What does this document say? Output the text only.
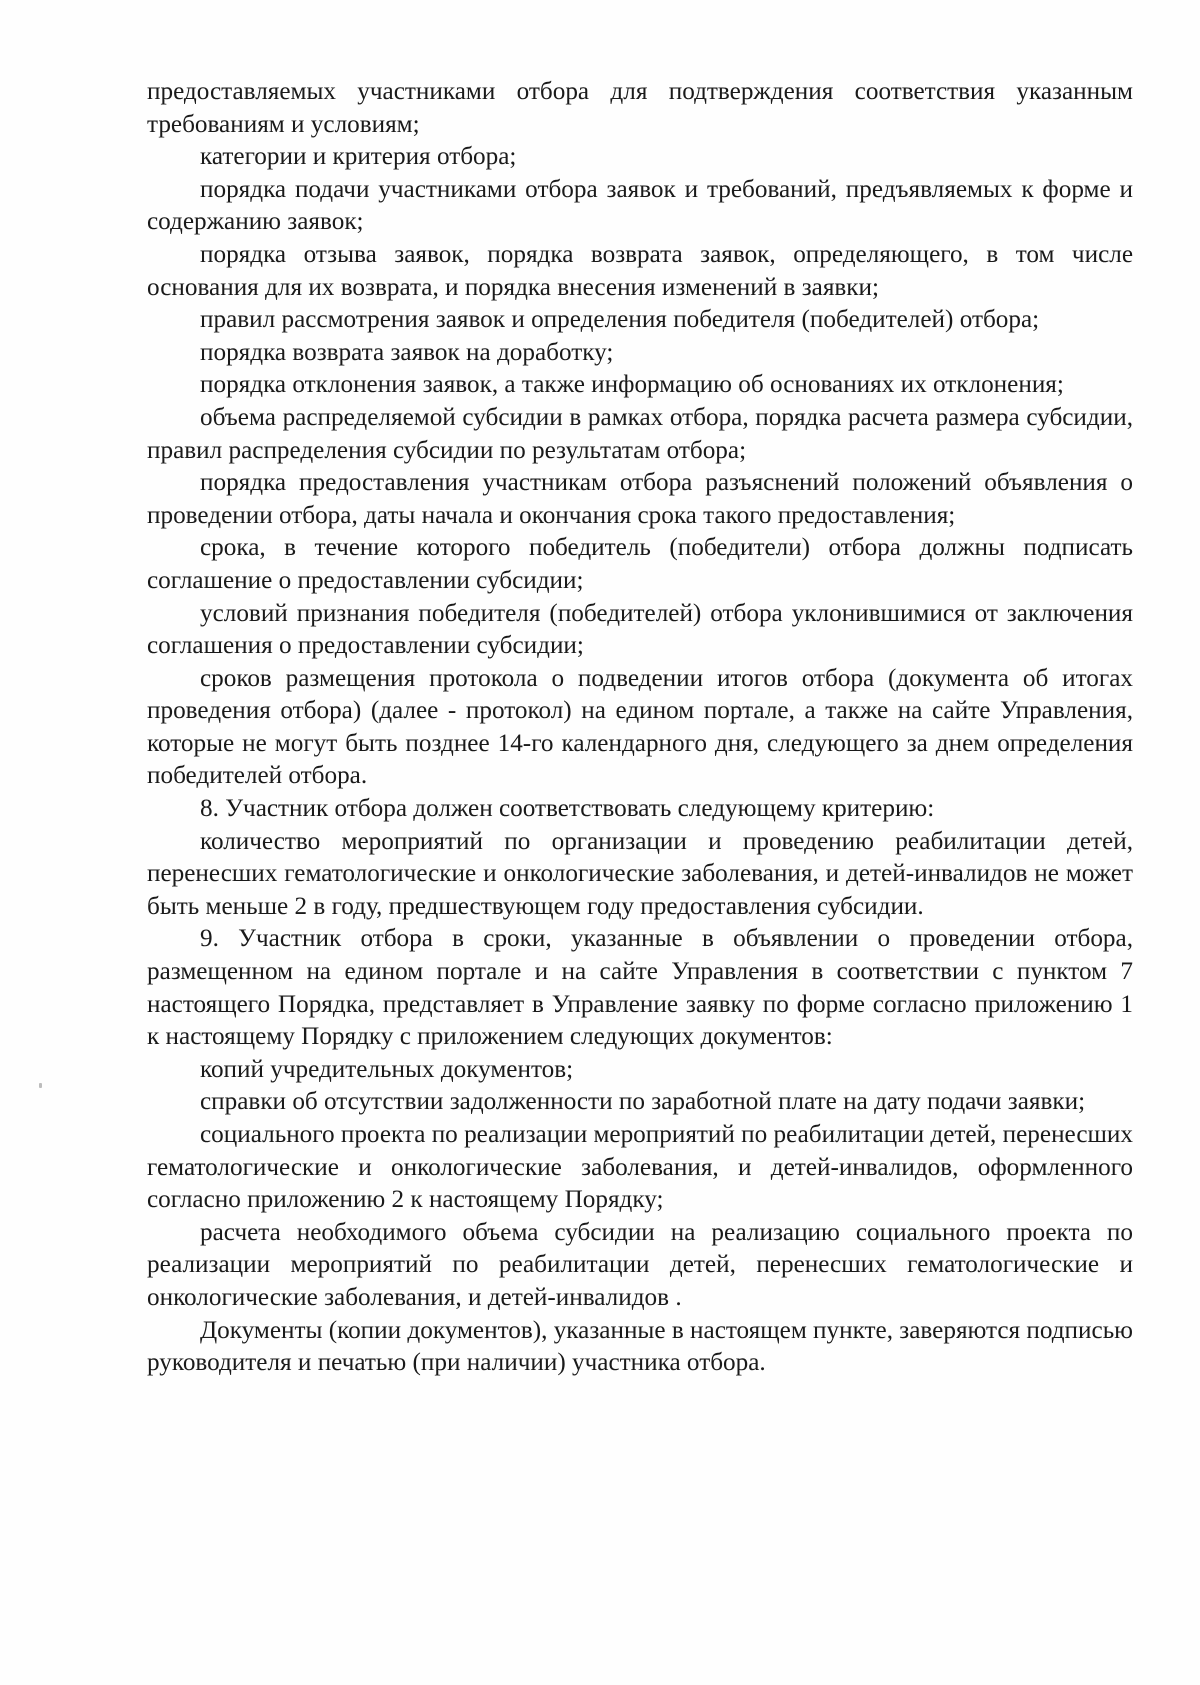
предоставляемых участниками отбора для подтверждения соответствия указанным требованиям и условиям;

категории и критерия отбора;

порядка подачи участниками отбора заявок и требований, предъявляемых к форме и содержанию заявок;

порядка отзыва заявок, порядка возврата заявок, определяющего, в том числе основания для их возврата, и порядка внесения изменений в заявки;

правил рассмотрения заявок и определения победителя (победителей) отбора;

порядка возврата заявок на доработку;

порядка отклонения заявок, а также информацию об основаниях их отклонения;

объема распределяемой субсидии в рамках отбора, порядка расчета размера субсидии, правил распределения субсидии по результатам отбора;

порядка предоставления участникам отбора разъяснений положений объявления о проведении отбора, даты начала и окончания срока такого предоставления;

срока, в течение которого победитель (победители) отбора должны подписать соглашение о предоставлении субсидии;

условий признания победителя (победителей) отбора уклонившимися от заключения соглашения о предоставлении субсидии;

сроков размещения протокола о подведении итогов отбора (документа об итогах проведения отбора) (далее - протокол) на едином портале, а также на сайте Управления, которые не могут быть позднее 14-го календарного дня, следующего за днем определения победителей отбора.

8. Участник отбора должен соответствовать следующему критерию:

количество мероприятий по организации и проведению реабилитации детей, перенесших гематологические и онкологические заболевания, и детей-инвалидов не может быть меньше 2 в году, предшествующем году предоставления субсидии.

9. Участник отбора в сроки, указанные в объявлении о проведении отбора, размещенном на едином портале и на сайте Управления в соответствии с пунктом 7 настоящего Порядка, представляет в Управление заявку по форме согласно приложению 1 к настоящему Порядку с приложением следующих документов:

копий учредительных документов;

справки об отсутствии задолженности по заработной плате на дату подачи заявки;

социального проекта по реализации мероприятий по реабилитации детей, перенесших гематологические и онкологические заболевания, и детей-инвалидов, оформленного согласно приложению 2 к настоящему Порядку;

расчета необходимого объема субсидии на реализацию социального проекта по реализации мероприятий по реабилитации детей, перенесших гематологические и онкологические заболевания, и детей-инвалидов .

Документы (копии документов), указанные в настоящем пункте, заверяются подписью руководителя и печатью (при наличии) участника отбора.
